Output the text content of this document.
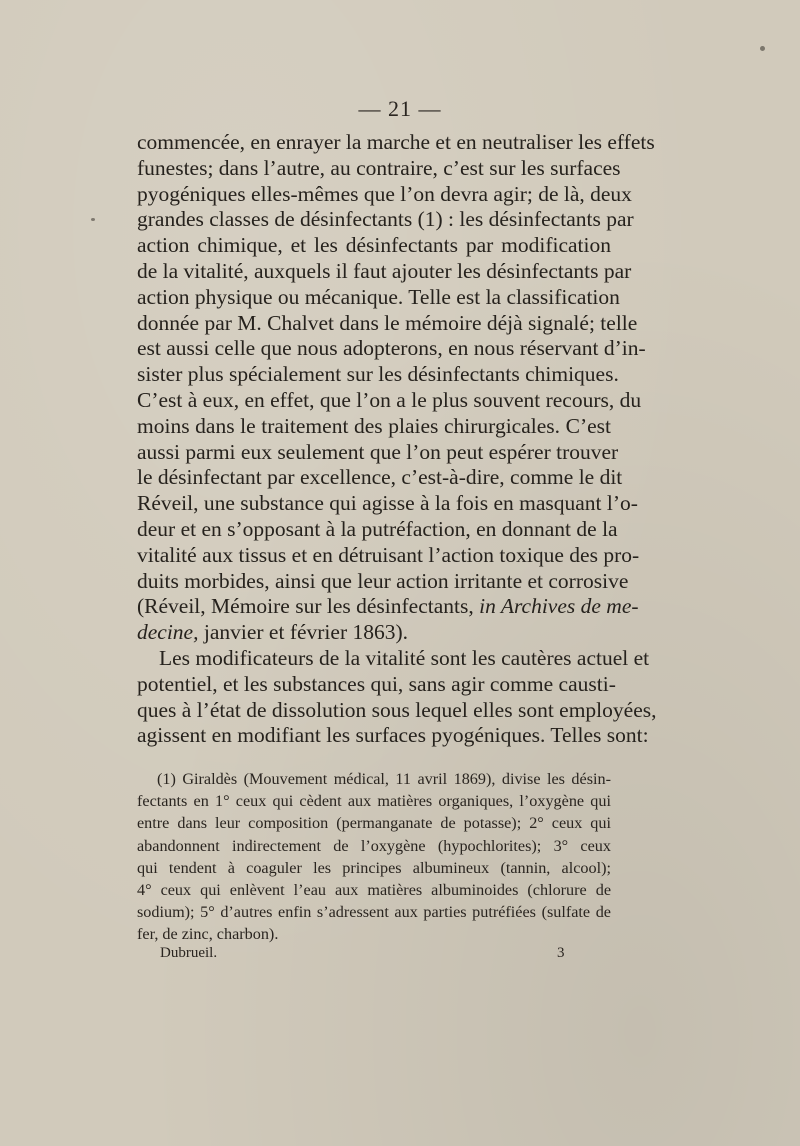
— 21 —
commencée, en enrayer la marche et en neutraliser les effets
funestes; dans l’autre, au contraire, c’est sur les surfaces
pyogéniques elles-mêmes que l’on devra agir; de là, deux
grandes classes de désinfectants (1) : les désinfectants par
action chimique, et les désinfectants par modification
de la vitalité, auxquels il faut ajouter les désinfectants par
action physique ou mécanique. Telle est la classification
donnée par M. Chalvet dans le mémoire déjà signalé; telle
est aussi celle que nous adopterons, en nous réservant d’in-
sister plus spécialement sur les désinfectants chimiques.
C’est à eux, en effet, que l’on a le plus souvent recours, du
moins dans le traitement des plaies chirurgicales. C’est
aussi parmi eux seulement que l’on peut espérer trouver
le désinfectant par excellence, c’est-à-dire, comme le dit
Réveil, une substance qui agisse à la fois en masquant l’o-
deur et en s’opposant à la putréfaction, en donnant de la
vitalité aux tissus et en détruisant l’action toxique des pro-
duits morbides, ainsi que leur action irritante et corrosive
(Réveil, Mémoire sur les désinfectants, in Archives de me-
decine, janvier et février 1863).
Les modificateurs de la vitalité sont les cautères actuel et
potentiel, et les substances qui, sans agir comme causti-
ques à l’état de dissolution sous lequel elles sont employées,
agissent en modifiant les surfaces pyogéniques. Telles sont:
(1) Giraldès (Mouvement médical, 11 avril 1869), divise les désin-
fectants en 1° ceux qui cèdent aux matières organiques, l’oxygène qui
entre dans leur composition (permanganate de potasse); 2° ceux qui
abandonnent indirectement de l’oxygène (hypochlorites); 3° ceux
qui tendent à coaguler les principes albumineux (tannin, alcool);
4° ceux qui enlèvent l’eau aux matières albuminoides (chlorure de
sodium); 5° d’autres enfin s’adressent aux parties putréfiées (sulfate de
fer, de zinc, charbon).
Dubrueil.	3
